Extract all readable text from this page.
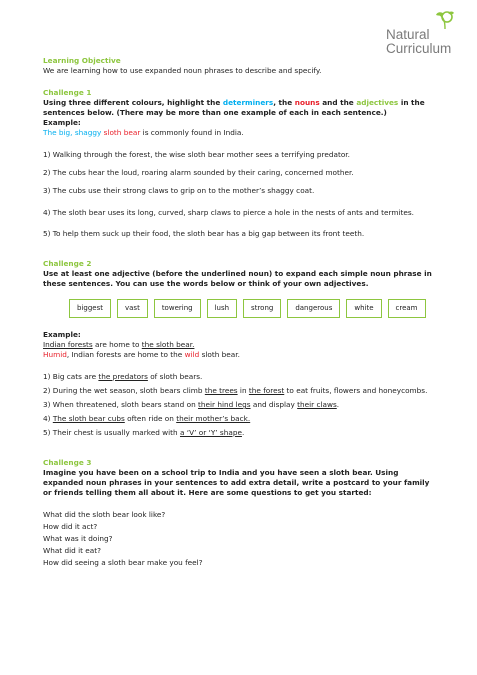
Natural
Curriculum
Learning Objective

We are learning how to use expanded noun phrases to describe and specify.

Challenge 1

Using three different colours, highlight the determiners, the nouns and the adjectives in the sentences below. (There may be more than one example of each in each sentence.)

Example:

The big, shaggy sloth bear is commonly found in India.

1) Walking through the forest, the wise sloth bear mother sees a terrifying predator.

2) The cubs hear the loud, roaring alarm sounded by their caring, concerned mother.

3) The cubs use their strong claws to grip on to the mother’s shaggy coat.

4) The sloth bear uses its long, curved, sharp claws to pierce a hole in the nests of ants and termites.

5) To help them suck up their food, the sloth bear has a big gap between its front teeth.

Challenge 2

Use at least one adjective (before the underlined noun) to expand each simple noun phrase in these sentences. You can use the words below or think of your own adjectives.

biggest	vast	towering	lush	strong	dangerous	white	cream
Example:

Indian forests are home to the sloth bear.

Humid, Indian forests are home to the wild sloth bear.

1) Big cats are the predators of sloth bears.

2) During the wet season, sloth bears climb the trees in the forest to eat fruits, flowers and honeycombs.

3) When threatened, sloth bears stand on their hind legs and display their claws.

4) The sloth bear cubs often ride on their mother’s back.

5) Their chest is usually marked with a ‘V’ or ‘Y’ shape.

Challenge 3

Imagine you have been on a school trip to India and you have seen a sloth bear. Using expanded noun phrases in your sentences to add extra detail, write a postcard to your family or friends telling them all about it. Here are some questions to get you started:

What did the sloth bear look like?

How did it act?

What was it doing?

What did it eat?

How did seeing a sloth bear make you feel?
